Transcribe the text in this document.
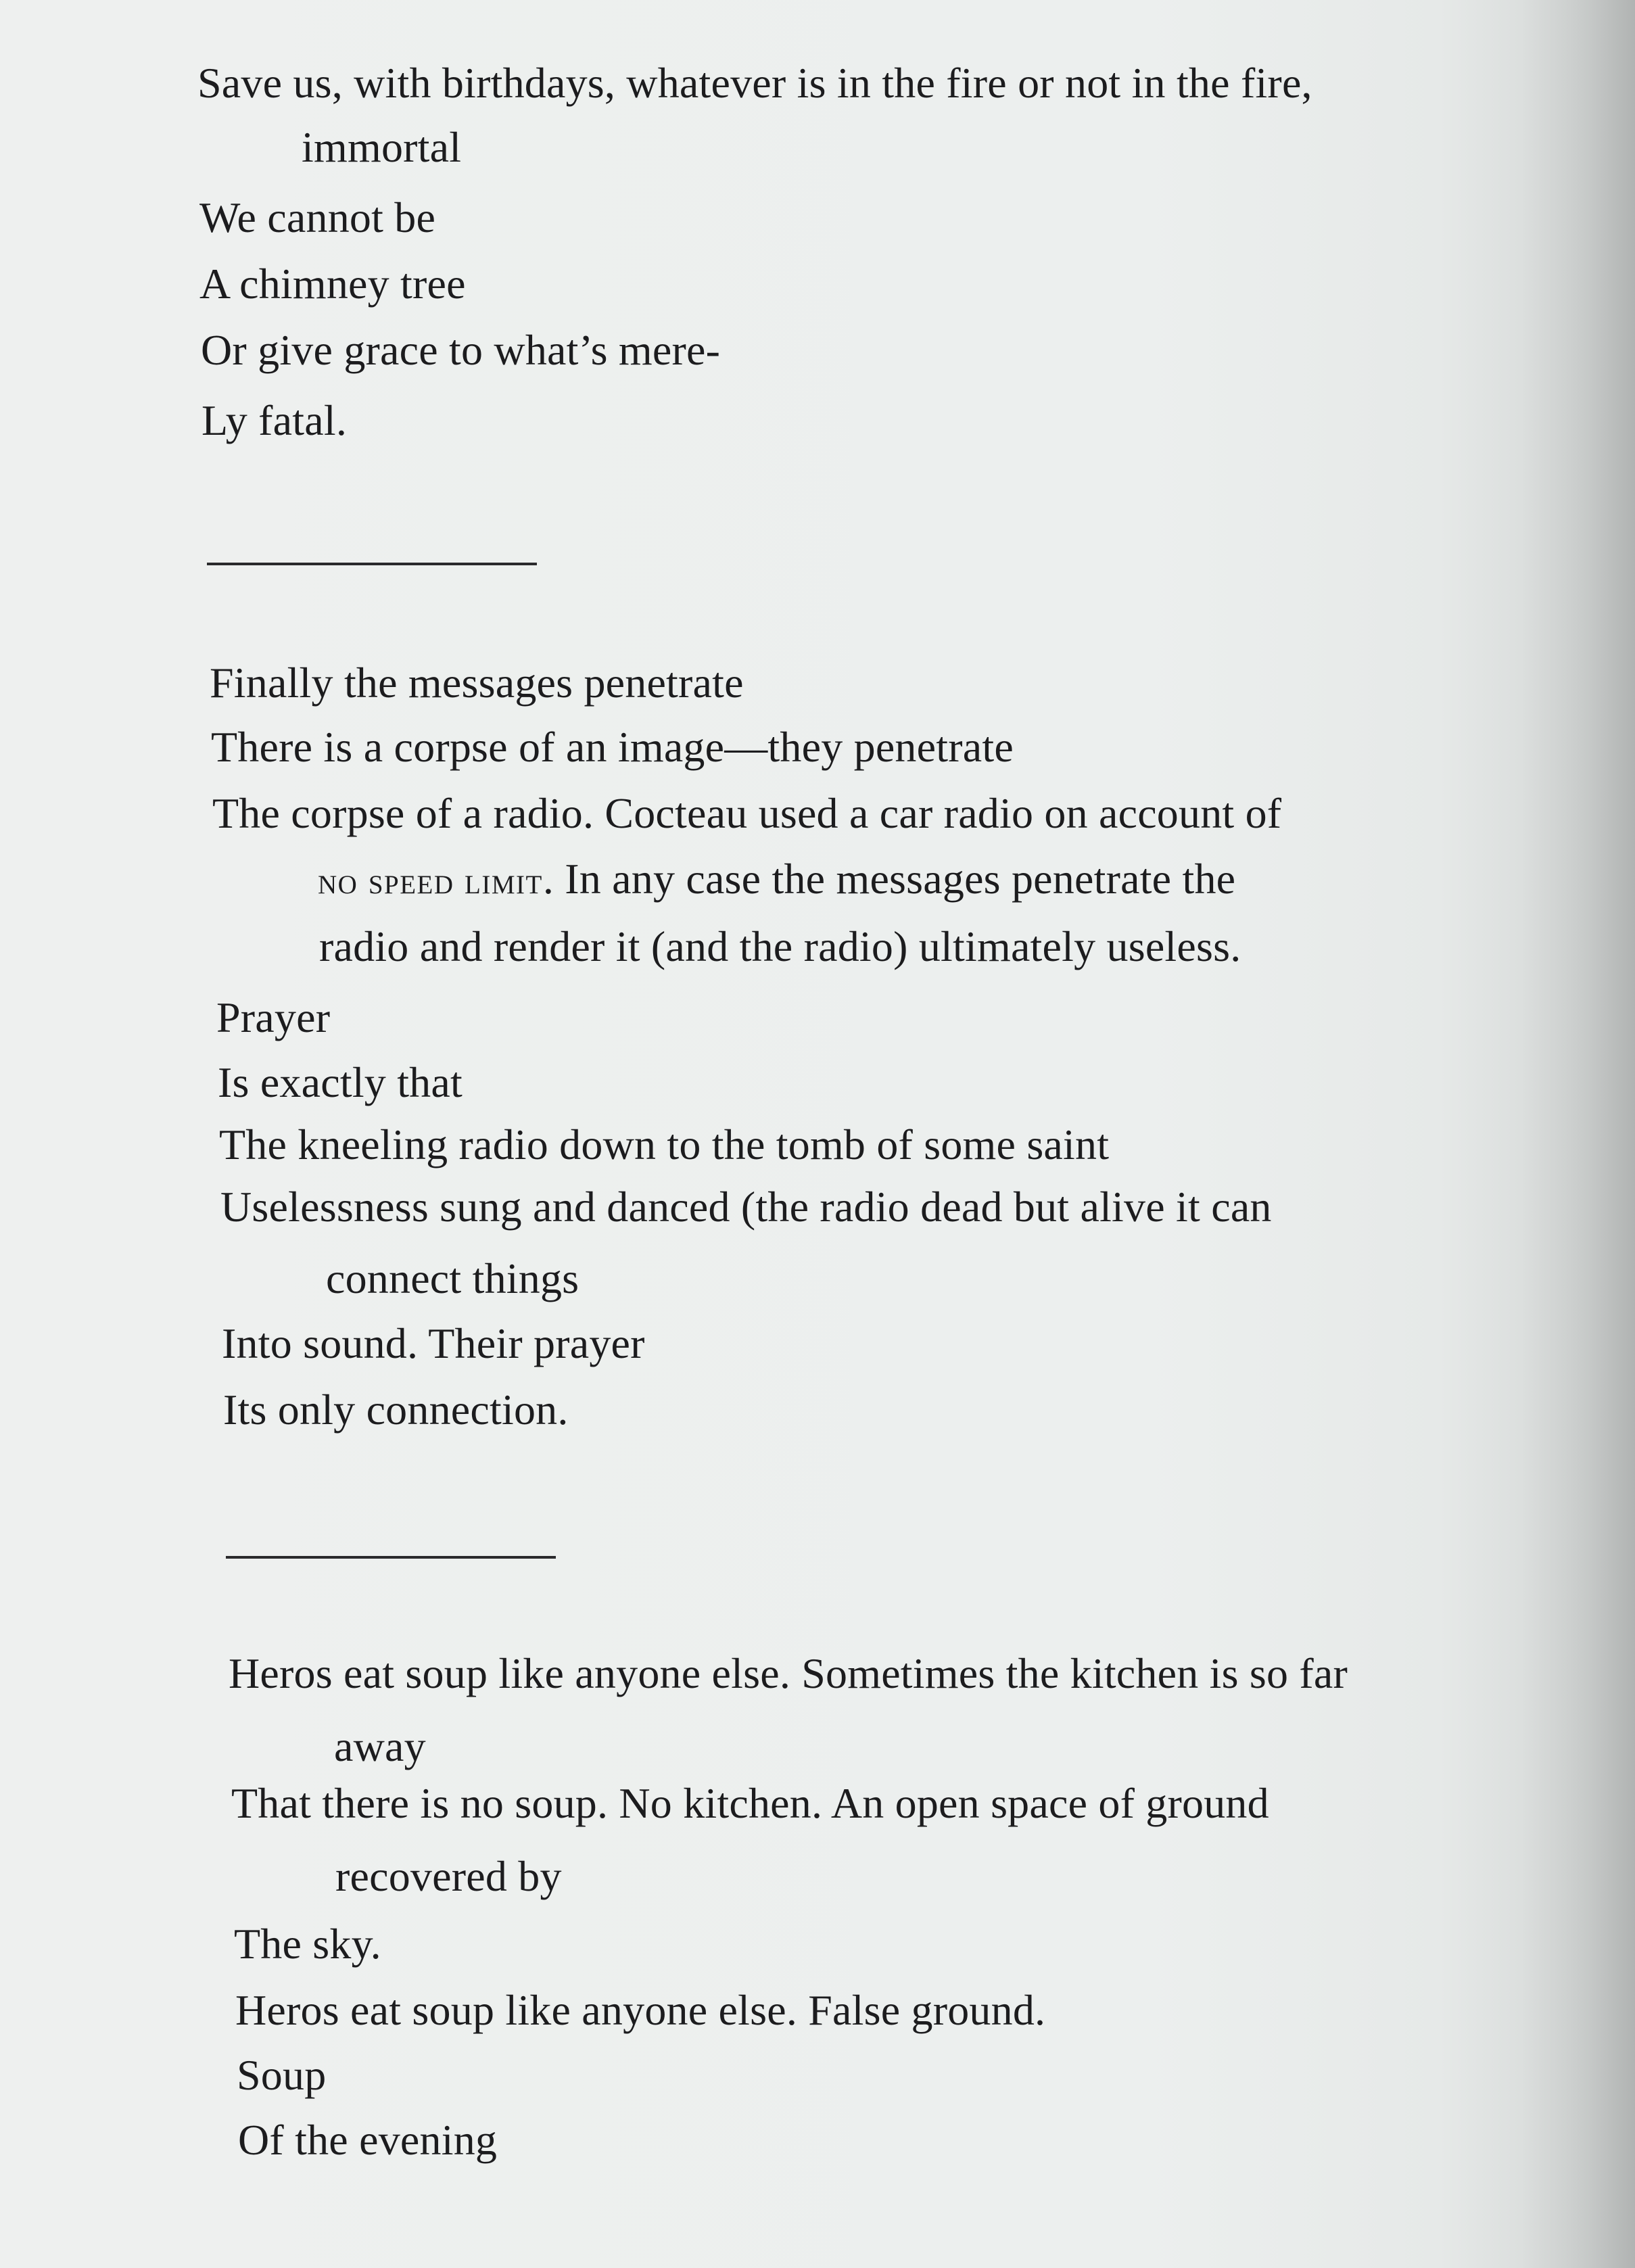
Save us, with birthdays, whatever is in the fire or not in the fire,
immortal
We cannot be
A chimney tree
Or give grace to what’s mere-
Ly fatal.
Finally the messages penetrate
There is a corpse of an image—they penetrate
The corpse of a radio. Cocteau used a car radio on account of
no speed limit. In any case the messages penetrate the
radio and render it (and the radio) ultimately useless.
Prayer
Is exactly that
The kneeling radio down to the tomb of some saint
Uselessness sung and danced (the radio dead but alive it can
connect things
Into sound. Their prayer
Its only connection.
Heros eat soup like anyone else. Sometimes the kitchen is so far
away
That there is no soup. No kitchen. An open space of ground
recovered by
The sky.
Heros eat soup like anyone else. False ground.
Soup
Of the evening
